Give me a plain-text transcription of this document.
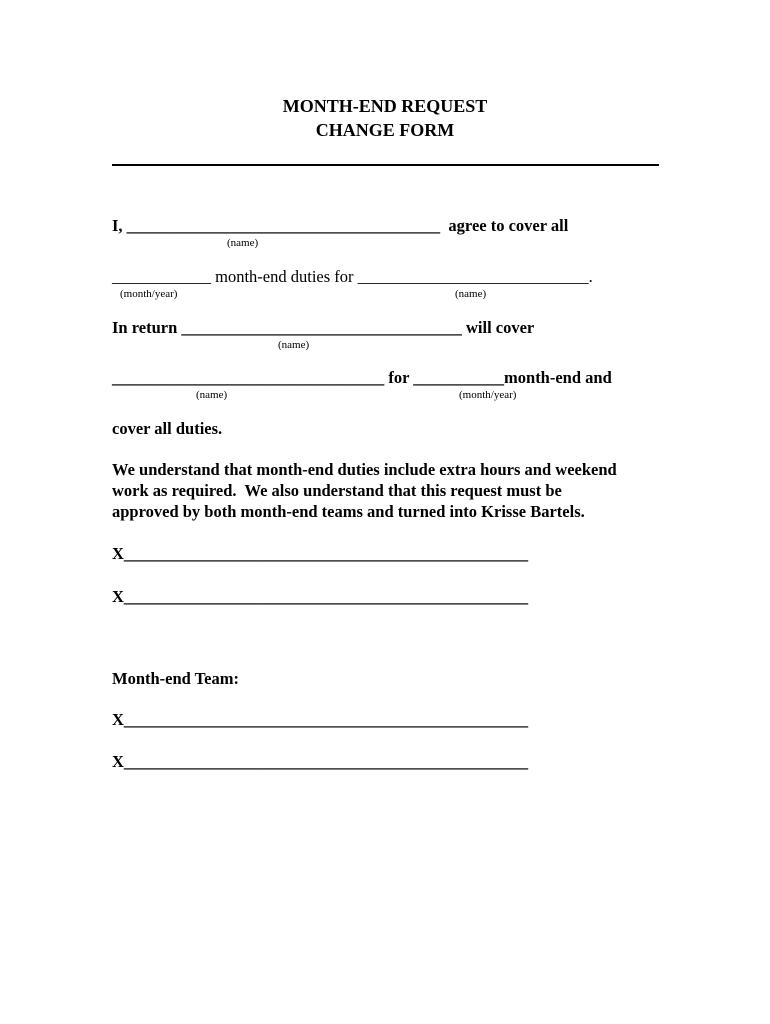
MONTH-END REQUEST
CHANGE FORM
I, ______________________________________  agree to cover all
(name)
____________ month-end duties for ____________________________.
(month/year)	(name)
In return __________________________________ will cover
(name)
_________________________________ for ___________month-end and
(name)	(month/year)
cover all duties.
We understand that month-end duties include extra hours and weekend
work as required.  We also understand that this request must be
approved by both month-end teams and turned into Krisse Bartels.
X_________________________________________________
X_________________________________________________
Month-end Team:
X_________________________________________________
X_________________________________________________
